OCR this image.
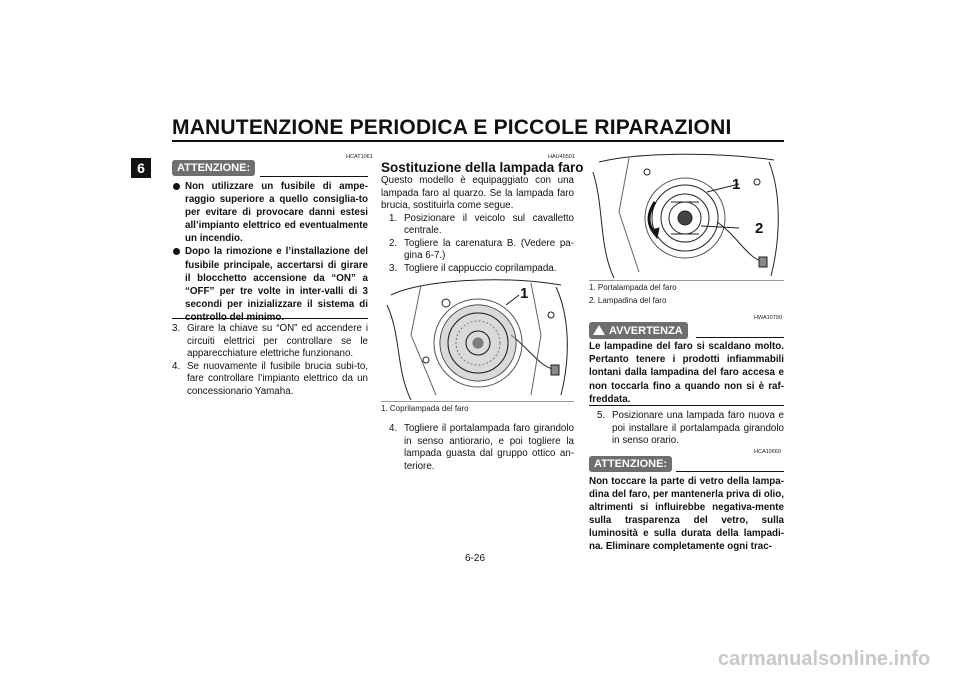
MANUTENZIONE PERIODICA E PICCOLE RIPARAZIONI
6
HCAT1061
ATTENZIONE:
Non utilizzare un fusibile di ampe-raggio superiore a quello consiglia-to per evitare di provocare danni estesi all’impianto elettrico ed eventualmente un incendio.
Dopo la rimozione e l’installazione del fusibile principale, accertarsi di girare il blocchetto accensione da “ON” a “OFF” per tre volte in inter-valli di 3 secondi per inizializzare il sistema di
3. Girare la chiave su “ON” ed accendere i circuiti elettrici per controllare se le apparecchiature elettriche funzionano.
4. Se nuovamente il fusibile brucia subi-to, fare controllare l’impianto elettrico da un concessionario Yamaha.
HAU45501
Sostituzione della lampada faro
Questo modello è equipaggiato con una lampada faro al quarzo. Se la lampada faro brucia, sostituirla come segue.
1. Posizionare il veicolo sul cavalletto centrale.
2. Togliere la carenatura B. (Vedere pa-gina 6-7.)
3. Togliere il cappuccio coprilampada.
1
1. Coprilampada del faro
4. Togliere il portalampada faro girandolo in senso antiorario, e poi togliere la lampada guasta dal gruppo ottico an-teriore.
1
2
1. Portalampada del faro
2. Lampadina del faro
HWA10790
AVVERTENZA
Le lampadine del faro si scaldano molto. Pertanto tenere i prodotti infiammabili lontani dalla lampadina del faro accesa e non toccarla fino a quando non si è raf-freddata.
5. Posizionare una lampada faro nuova e poi installare il portalampada girandolo in senso orario.
HCA10660
ATTENZIONE:
Non toccare la parte di vetro della lampa-dina del faro, per mantenerla priva di olio, altrimenti si influirebbe negativa-mente sulla trasparenza del vetro, sulla luminosità e sulla durata della lampadi-na. Eliminare completamente ogni trac-
6-26
carmanualsonline.info
